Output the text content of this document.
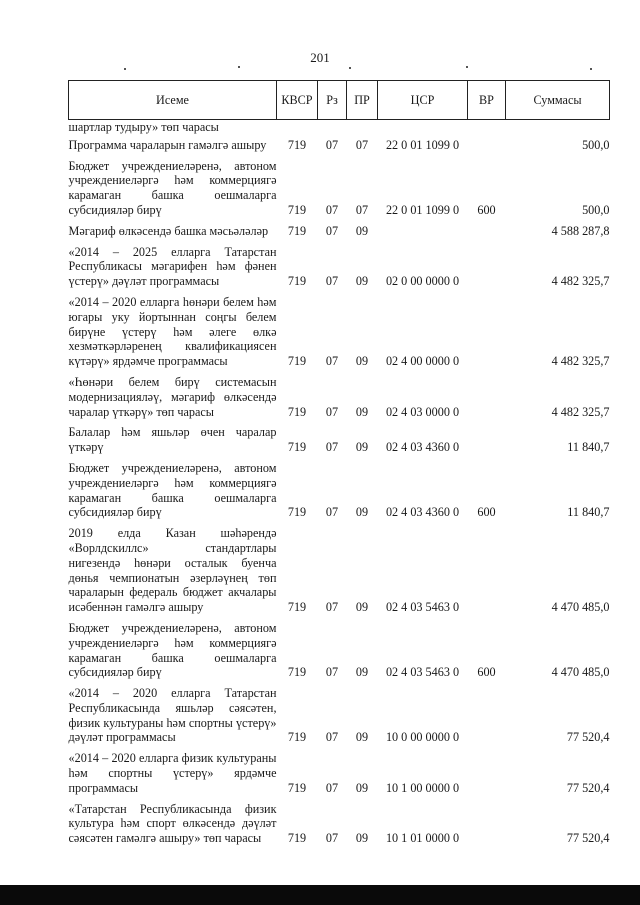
201
Исеме	КВСР	Рз	ПР	ЦСР	ВР	Суммасы
шартлар тудыру» төп чарасы						
Программа чараларын гамәлгә ашыру	719	07	07	22 0 01 1099 0		500,0
Бюджет учреждениеләренә, автоном учреждениеләргә һәм коммерциягә карамаган башка оешмаларга субсидияләр бирү	719	07	07	22 0 01 1099 0	600	500,0
Мәгариф өлкәсендә башка мәсьәләләр	719	07	09			4 588 287,8
«2014 – 2025 елларга Татарстан Республикасы мәгарифен һәм фәнен үстерү» дәүләт программасы	719	07	09	02 0 00 0000 0		4 482 325,7
«2014 – 2020 елларга һөнәри белем һәм югары уку йортыннан соңгы белем бирүне үстерү һәм әлеге өлкә хезмәткәрләренең квалификациясен күтәрү» ярдәмче программасы	719	07	09	02 4 00 0000 0		4 482 325,7
«Һөнәри белем бирү системасын модернизацияләү, мәгариф өлкәсендә чаралар үткәрү» төп чарасы	719	07	09	02 4 03 0000 0		4 482 325,7
Балалар һәм яшьләр өчен чаралар үткәрү	719	07	09	02 4 03 4360 0		11 840,7
Бюджет учреждениеләренә, автоном учреждениеләргә һәм коммерциягә карамаган башка оешмаларга субсидияләр бирү	719	07	09	02 4 03 4360 0	600	11 840,7
2019 елда Казан шәһәрендә «Ворлдскиллс» стандартлары нигезендә һөнәри осталык буенча дөнья чемпионатын әзерләүнең төп чараларын федераль бюджет акчалары исәбеннән гамәлгә ашыру	719	07	09	02 4 03 5463 0		4 470 485,0
Бюджет учреждениеләренә, автоном учреждениеләргә һәм коммерциягә карамаган башка оешмаларга субсидияләр бирү	719	07	09	02 4 03 5463 0	600	4 470 485,0
«2014 – 2020 елларга Татарстан Республикасында яшьләр сәясәтен, физик культураны һәм спортны үстерү» дәүләт программасы	719	07	09	10 0 00 0000 0		77 520,4
«2014 – 2020 елларга физик культураны һәм спортны үстерү» ярдәмче программасы	719	07	09	10 1 00 0000 0		77 520,4
«Татарстан Республикасында физик культура һәм спорт өлкәсендә дәүләт сәясәтен гамәлгә ашыру» төп чарасы	719	07	09	10 1 01 0000 0		77 520,4
